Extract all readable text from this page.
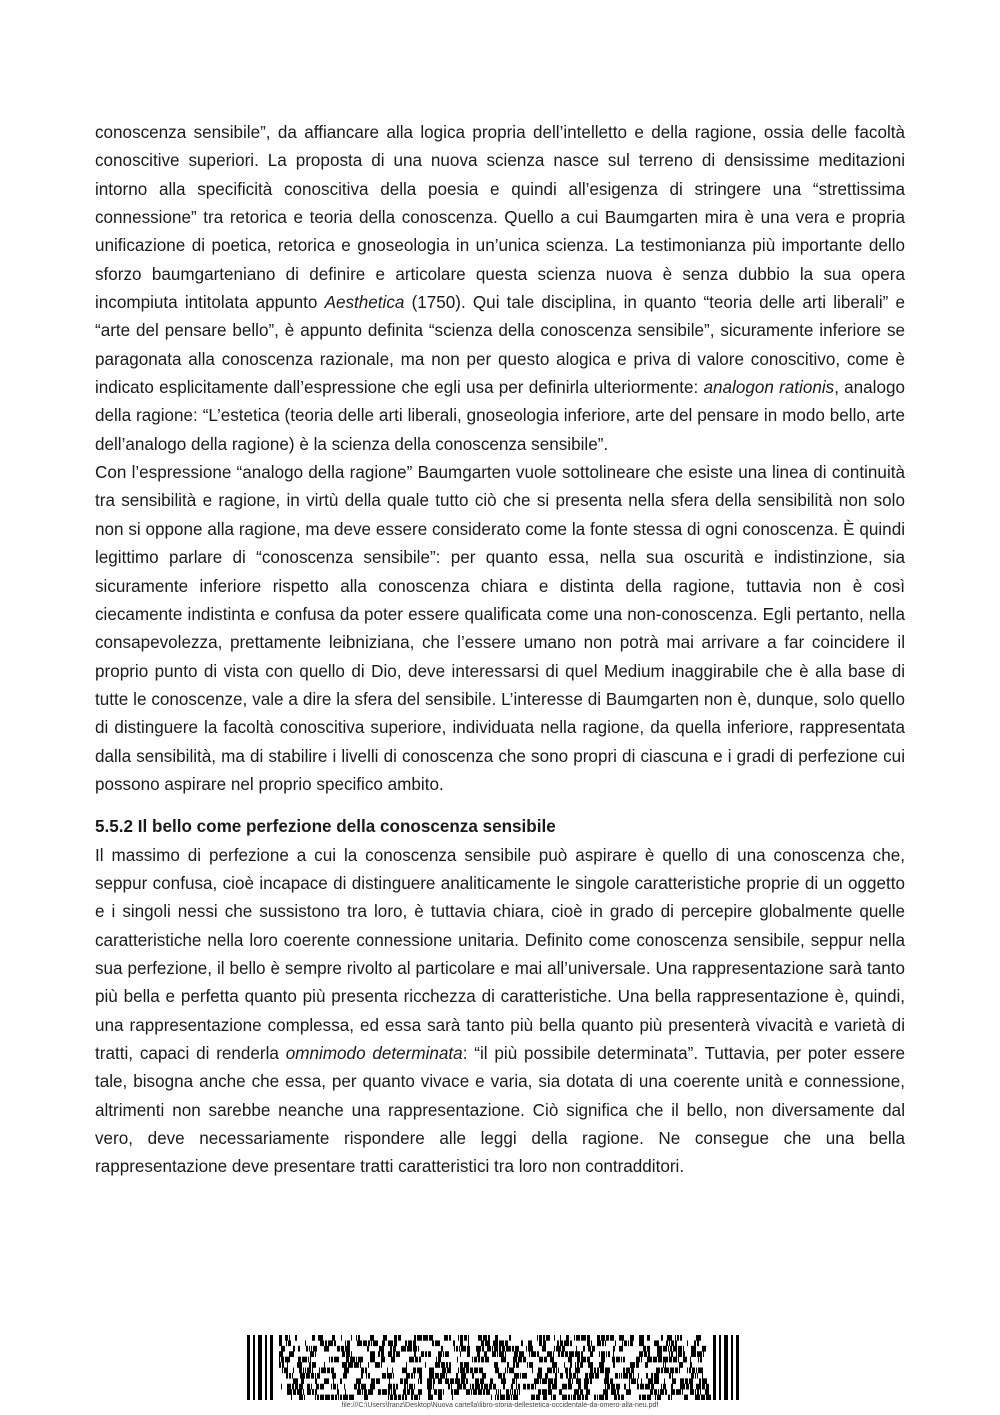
conoscenza sensibile”, da affiancare alla logica propria dell’intelletto e della ragione, ossia delle facoltà conoscitive superiori. La proposta di una nuova scienza nasce sul terreno di densissime meditazioni intorno alla specificità conoscitiva della poesia e quindi all’esigenza di stringere una “strettissima connessione” tra retorica e teoria della conoscenza. Quello a cui Baumgarten mira è una vera e propria unificazione di poetica, retorica e gnoseologia in un’unica scienza. La testimonianza più importante dello sforzo baumgarteniano di definire e articolare questa scienza nuova è senza dubbio la sua opera incompiuta intitolata appunto Aesthetica (1750). Qui tale disciplina, in quanto “teoria delle arti liberali” e “arte del pensare bello”, è appunto definita “scienza della conoscenza sensibile”, sicuramente inferiore se paragonata alla conoscenza razionale, ma non per questo alogica e priva di valore conoscitivo, come è indicato esplicitamente dall’espressione che egli usa per definirla ulteriormente: analogon rationis, analogo della ragione: “L’estetica (teoria delle arti liberali, gnoseologia inferiore, arte del pensare in modo bello, arte dell’analogo della ragione) è la scienza della conoscenza sensibile”.

Con l’espressione “analogo della ragione” Baumgarten vuole sottolineare che esiste una linea di continuità tra sensibilità e ragione, in virtù della quale tutto ciò che si presenta nella sfera della sensibilità non solo non si oppone alla ragione, ma deve essere considerato come la fonte stessa di ogni conoscenza. È quindi legittimo parlare di “conoscenza sensibile”: per quanto essa, nella sua oscurità e indistinzione, sia sicuramente inferiore rispetto alla conoscenza chiara e distinta della ragione, tuttavia non è così ciecamente indistinta e confusa da poter essere qualificata come una non-conoscenza. Egli pertanto, nella consapevolezza, prettamente leibniziana, che l’essere umano non potrà mai arrivare a far coincidere il proprio punto di vista con quello di Dio, deve interessarsi di quel Medium inaggirabile che è alla base di tutte le conoscenze, vale a dire la sfera del sensibile. L’interesse di Baumgarten non è, dunque, solo quello di distinguere la facoltà conoscitiva superiore, individuata nella ragione, da quella inferiore, rappresentata dalla sensibilità, ma di stabilire i livelli di conoscenza che sono propri di ciascuna e i gradi di perfezione cui possono aspirare nel proprio specifico ambito.

5.5.2 Il bello come perfezione della conoscenza sensibile

Il massimo di perfezione a cui la conoscenza sensibile può aspirare è quello di una conoscenza che, seppur confusa, cioè incapace di distinguere analiticamente le singole caratteristiche proprie di un oggetto e i singoli nessi che sussistono tra loro, è tuttavia chiara, cioè in grado di percepire globalmente quelle caratteristiche nella loro coerente connessione unitaria. Definito come conoscenza sensibile, seppur nella sua perfezione, il bello è sempre rivolto al particolare e mai all’universale. Una rappresentazione sarà tanto più bella e perfetta quanto più presenta ricchezza di caratteristiche. Una bella rappresentazione è, quindi, una rappresentazione complessa, ed essa sarà tanto più bella quanto più presenterà vivacità e varietà di tratti, capaci di renderla omnimodo determinata: “il più possibile determinata”. Tuttavia, per poter essere tale, bisogna anche che essa, per quanto vivace e varia, sia dotata di una coerente unità e connessione, altrimenti non sarebbe neanche una rappresentazione. Ciò significa che il bello, non diversamente dal vero, deve necessariamente rispondere alle leggi della ragione. Ne consegue che una bella rappresentazione deve presentare tratti caratteristici tra loro non contradditori.

file:///C:\Users\franz\Desktop\Nuova cartella\libro-storia-dellestetica-occidentale-da-omero-alla-neu.pdf
